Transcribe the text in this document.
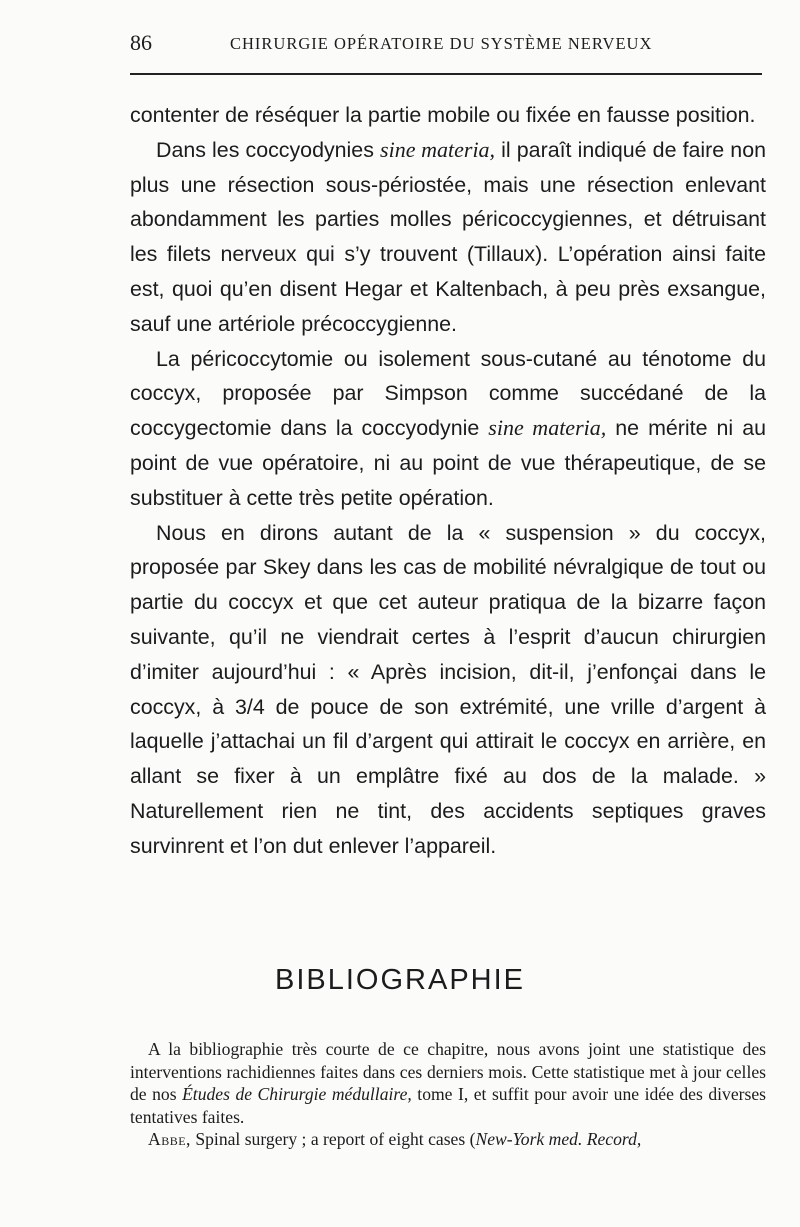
86	CHIRURGIE OPÉRATOIRE DU SYSTÈME NERVEUX

contenter de réséquer la partie mobile ou fixée en fausse position.

Dans les coccyodynies sine materia, il paraît indiqué de faire non plus une résection sous-périostée, mais une résection enlevant abondamment les parties molles péricoccygiennes, et détruisant les filets nerveux qui s’y trouvent (Tillaux). L’opération ainsi faite est, quoi qu’en disent Hegar et Kaltenbach, à peu près exsangue, sauf une artériole précoccygienne.

La péricoccytomie ou isolement sous-cutané au ténotome du coccyx, proposée par Simpson comme succédané de la coccygectomie dans la coccyodynie sine materia, ne mérite ni au point de vue opératoire, ni au point de vue thérapeutique, de se substituer à cette très petite opération.

Nous en dirons autant de la « suspension » du coccyx, proposée par Skey dans les cas de mobilité névralgique de tout ou partie du coccyx et que cet auteur pratiqua de la bizarre façon suivante, qu’il ne viendrait certes à l’esprit d’aucun chirurgien d’imiter aujourd’hui : « Après incision, dit-il, j’enfonçai dans le coccyx, à 3/4 de pouce de son extrémité, une vrille d’argent à laquelle j’attachai un fil d’argent qui attirait le coccyx en arrière, en allant se fixer à un emplâtre fixé au dos de la malade. » Naturellement rien ne tint, des accidents septiques graves survinrent et l’on dut enlever l’appareil.

BIBLIOGRAPHIE

A la bibliographie très courte de ce chapitre, nous avons joint une statistique des interventions rachidiennes faites dans ces derniers mois. Cette statistique met à jour celles de nos Études de Chirurgie médullaire, tome I, et suffit pour avoir une idée des diverses tentatives faites.

Abbe, Spinal surgery ; a report of eight cases (New-York med. Record,
